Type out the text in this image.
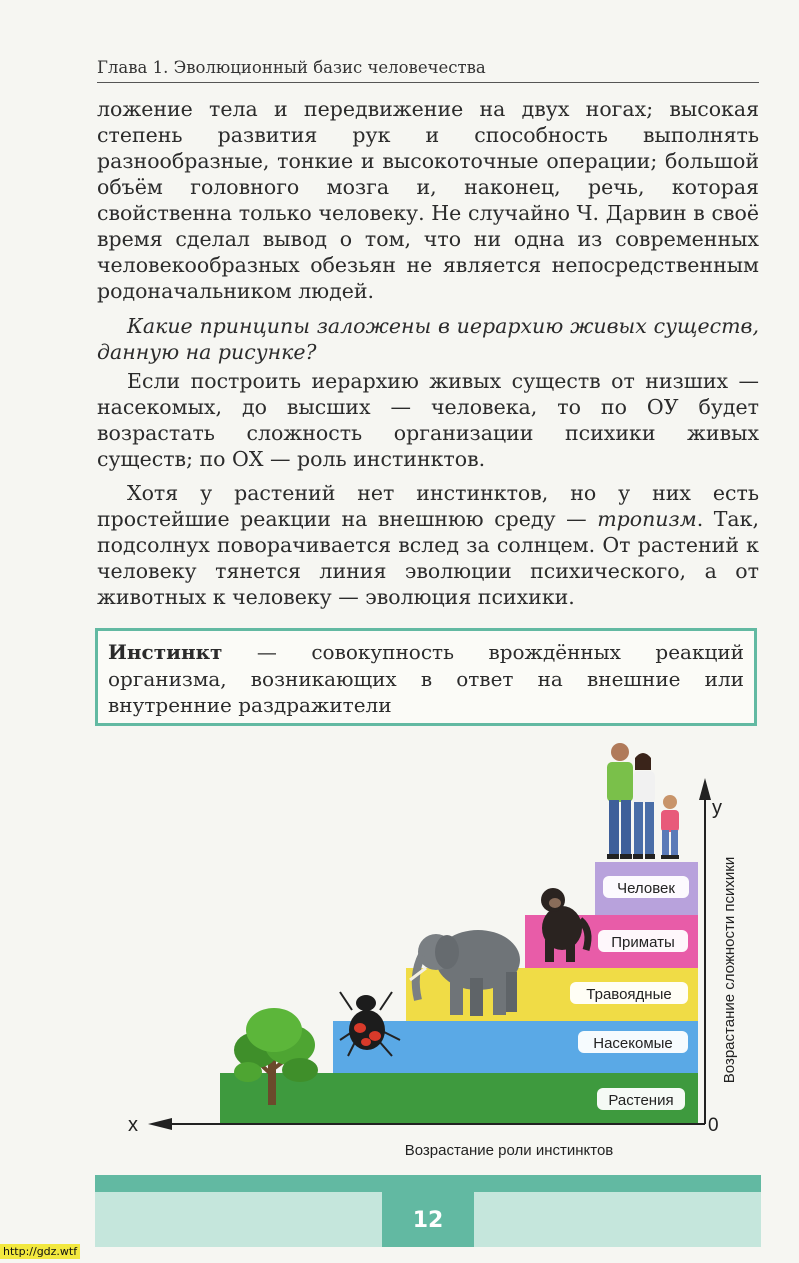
Глава 1. Эволюционный базис человечества
ложение тела и передвижение на двух ногах; высокая степень развития рук и способность выполнять разнообразные, тонкие и высокоточные операции; большой объём головного мозга и, наконец, речь, которая свойственна только человеку. Не случайно Ч. Дарвин в своё время сделал вывод о том, что ни одна из современных человекообразных обезьян не является непосредственным родоначальником людей.
Какие принципы заложены в иерархию живых существ, данную на рисунке?
Если построить иерархию живых существ от низших — насекомых, до высших — человека, то по ОУ будет возрастать сложность организации психики живых существ; по ОХ — роль инстинктов.
Хотя у растений нет инстинктов, но у них есть простейшие реакции на внешнюю среду — тропизм. Так, подсолнух поворачивается вслед за солнцем. От растений к человеку тянется линия эволюции психического, а от животных к человеку — эволюция психики.
Инстинкт — совокупность врождённых реакций организма, возникающих в ответ на внешние или внутренние раздражители
Растения
Насекомые
Травоядные
Приматы
Человек
x
y
0
Возрастание роли инстинктов
Возрастание сложности психики
12
http://gdz.wtf
